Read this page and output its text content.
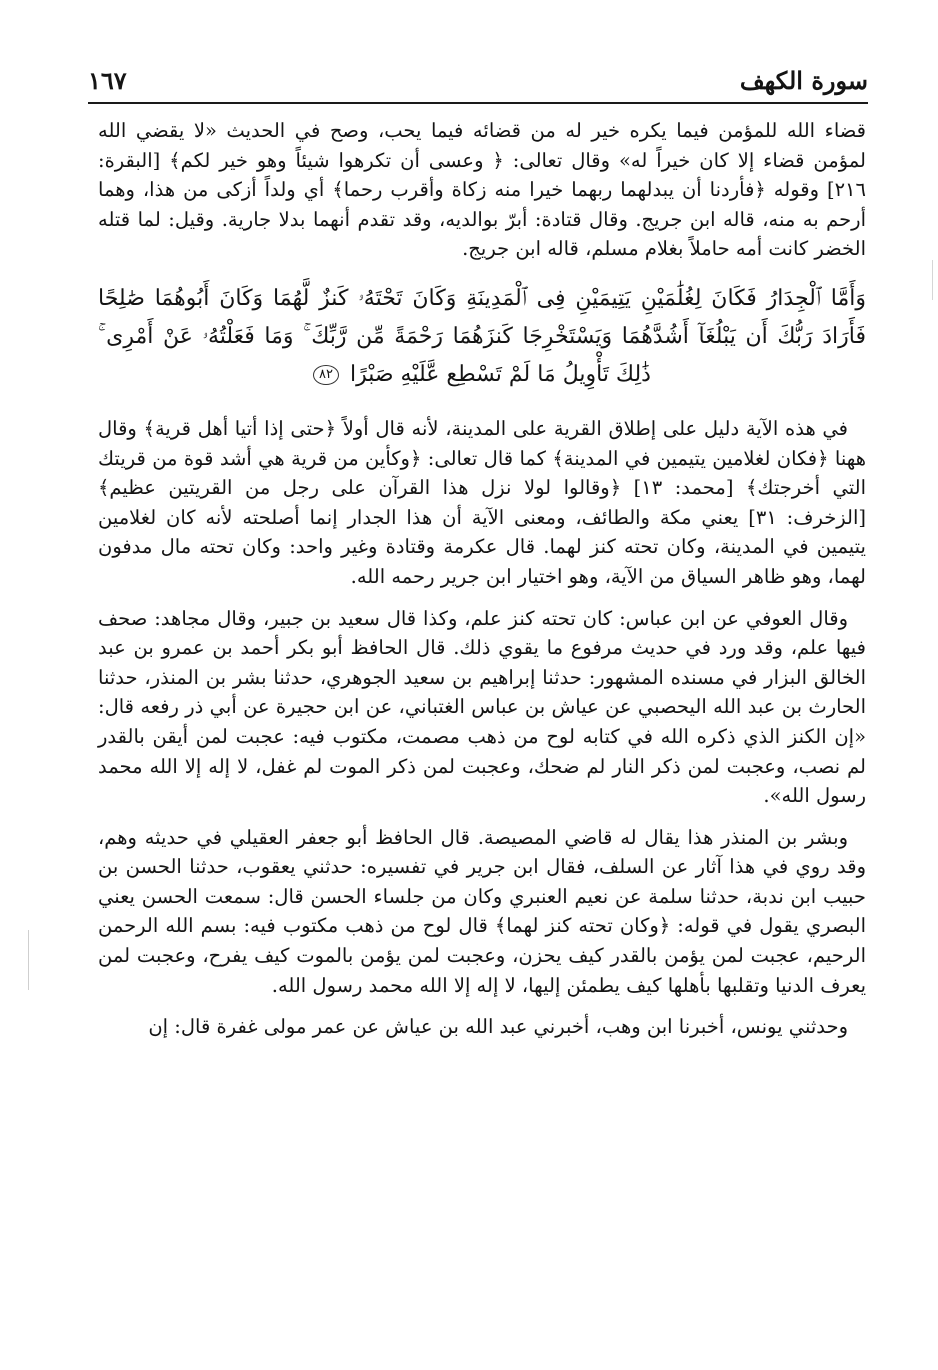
سورة الكهف
١٦٧

قضاء الله للمؤمن فيما يكره خير له من قضائه فيما يحب، وصح في الحديث «لا يقضي الله لمؤمن قضاء إلا كان خيراً له» وقال تعالى: ﴿ وعسى أن تكرهوا شيئاً وهو خير لكم﴾ [البقرة: ٢١٦] وقوله ﴿فأردنا أن يبدلهما ربهما خيرا منه زكاة وأقرب رحما﴾ أي ولداً أزكى من هذا، وهما أرحم به منه، قاله ابن جريج. وقال قتادة: أبرّ بوالديه، وقد تقدم أنهما بدلا جارية. وقيل: لما قتله الخضر كانت أمه حاملاً بغلام مسلم، قاله ابن جريج.

وَأَمَّا ٱلْجِدَارُ فَكَانَ لِغُلَٰمَيْنِ يَتِيمَيْنِ فِى ٱلْمَدِينَةِ وَكَانَ تَحْتَهُۥ كَنزٌ لَّهُمَا وَكَانَ أَبُوهُمَا صَٰلِحًا فَأَرَادَ رَبُّكَ أَن يَبْلُغَآ أَشُدَّهُمَا وَيَسْتَخْرِجَا كَنزَهُمَا رَحْمَةً مِّن رَّبِّكَ ۚ وَمَا فَعَلْتُهُۥ عَنْ أَمْرِى ۚ ذَٰلِكَ تَأْوِيلُ مَا لَمْ تَسْطِع عَّلَيْهِ صَبْرًا ٨٢

في هذه الآية دليل على إطلاق القرية على المدينة، لأنه قال أولاً ﴿حتى إذا أتيا أهل قرية﴾ وقال ههنا ﴿فكان لغلامين يتيمين في المدينة﴾ كما قال تعالى: ﴿وكأين من قرية هي أشد قوة من قريتك التي أخرجتك﴾ [محمد: ١٣] ﴿وقالوا لولا نزل هذا القرآن على رجل من القريتين عظيم﴾ [الزخرف: ٣١] يعني مكة والطائف، ومعنى الآية أن هذا الجدار إنما أصلحته لأنه كان لغلامين يتيمين في المدينة، وكان تحته كنز لهما. قال عكرمة وقتادة وغير واحد: وكان تحته مال مدفون لهما، وهو ظاهر السياق من الآية، وهو اختيار ابن جرير رحمه الله.

وقال العوفي عن ابن عباس: كان تحته كنز علم، وكذا قال سعيد بن جبير، وقال مجاهد: صحف فيها علم، وقد ورد في حديث مرفوع ما يقوي ذلك. قال الحافظ أبو بكر أحمد بن عمرو بن عبد الخالق البزار في مسنده المشهور: حدثنا إبراهيم بن سعيد الجوهري، حدثنا بشر بن المنذر، حدثنا الحارث بن عبد الله اليحصبي عن عياش بن عباس الغتباني، عن ابن حجيرة عن أبي ذر رفعه قال: «إن الكنز الذي ذكره الله في كتابه لوح من ذهب مصمت، مكتوب فيه: عجبت لمن أيقن بالقدر لم نصب، وعجبت لمن ذكر النار لم ضحك، وعجبت لمن ذكر الموت لم غفل، لا إله إلا الله محمد رسول الله».

وبشر بن المنذر هذا يقال له قاضي المصيصة. قال الحافظ أبو جعفر العقيلي في حديثه وهم، وقد روي في هذا آثار عن السلف، فقال ابن جرير في تفسيره: حدثني يعقوب، حدثنا الحسن بن حبيب ابن ندبة، حدثنا سلمة عن نعيم العنبري وكان من جلساء الحسن قال: سمعت الحسن يعني البصري يقول في قوله: ﴿وكان تحته كنز لهما﴾ قال لوح من ذهب مكتوب فيه: بسم الله الرحمن الرحيم، عجبت لمن يؤمن بالقدر كيف يحزن، وعجبت لمن يؤمن بالموت كيف يفرح، وعجبت لمن يعرف الدنيا وتقلبها بأهلها كيف يطمئن إليها، لا إله إلا الله محمد رسول الله.

وحدثني يونس، أخبرنا ابن وهب، أخبرني عبد الله بن عياش عن عمر مولى غفرة قال: إن
